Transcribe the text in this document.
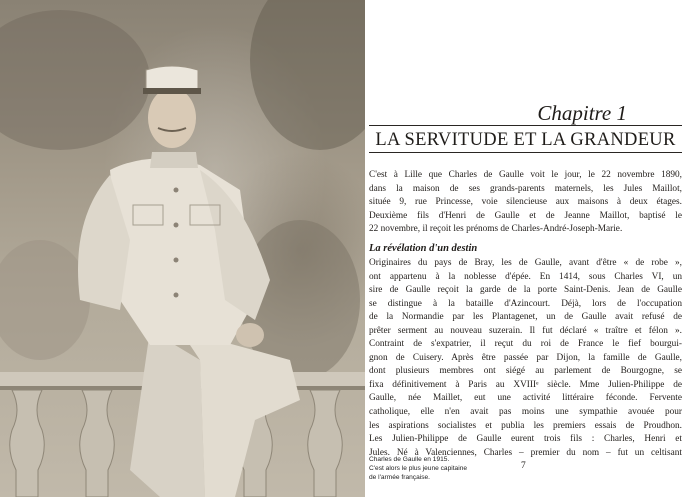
Charles de Gaulle en 1915.
C'est alors le plus jeune capitaine
de l'armée française.
Chapitre 1
LA SERVITUDE ET LA GRANDEUR
C'est à Lille que Charles de Gaulle voit le jour, le 22 novembre 1890,
dans la maison de ses grands-parents maternels, les Jules Maillot,
située 9, rue Princesse, voie silencieuse aux maisons à deux étages.
Deuxième fils d'Henri de Gaulle et de Jeanne Maillot, baptisé le
22 novembre, il reçoit les prénoms de Charles-André-Joseph-Marie.
La révélation d'un destin
Originaires du pays de Bray, les de Gaulle, avant d'être « de robe »,
ont appartenu à la noblesse d'épée. En 1414, sous Charles VI, un
sire de Gaulle reçoit la garde de la porte Saint-Denis. Jean de Gaulle
se distingue à la bataille d'Azincourt. Déjà, lors de l'occupation
de la Normandie par les Plantagenet, un de Gaulle avait refusé de
prêter serment au nouveau suzerain. Il fut déclaré « traître et félon ».
Contraint de s'expatrier, il reçut du roi de France le fief bourgui-
gnon de Cuisery. Après être passée par Dijon, la famille de Gaulle,
dont plusieurs membres ont siégé au parlement de Bourgogne, se
fixa définitivement à Paris au XVIIIᵉ siècle. Mme Julien-Philippe de
Gaulle, née Maillet, eut une activité littéraire féconde. Fervente
catholique, elle n'en avait pas moins une sympathie avouée pour
les aspirations socialistes et publia les premiers essais de Proudhon.
Les Julien-Philippe de Gaulle eurent trois fils : Charles, Henri et
Jules. Né à Valenciennes, Charles – premier du nom – fut un celtisant
7
